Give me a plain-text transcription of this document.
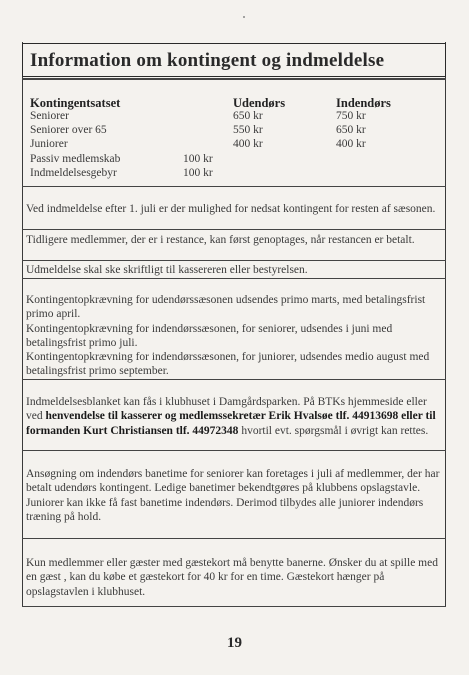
Information om kontingent og indmeldelse
Kontingentsatset	Udendørs	Indendørs
Seniorer	650 kr	750 kr
Seniorer over 65	550 kr	650 kr
Juniorer	400 kr	400 kr
Passiv medlemskab	100 kr
Indmeldelsesgebyr	100 kr

Ved indmeldelse efter 1. juli er der mulighed for nedsat kontingent for resten af sæsonen.

Tidligere medlemmer, der er i restance, kan først genoptages, når restancen er betalt.

Udmeldelse skal ske skriftligt til kassereren eller bestyrelsen.

Kontingentopkrævning for udendørssæsonen udsendes primo marts, med betalingsfrist primo april.

Kontingentopkrævning for indendørssæsonen, for seniorer, udsendes i juni med betalingsfrist primo juli.

Kontingentopkrævning for indendørssæsonen, for juniorer, udsendes medio august med betalingsfrist primo september.

Indmeldelsesblanket kan fås i klubhuset i Damgårdsparken. På BTKs hjemmeside eller ved henvendelse til kasserer og medlemssekretær Erik Hvalsøe tlf. 44913698 eller til formanden Kurt Christiansen tlf. 44972348 hvortil evt. spørgsmål i øvrigt kan rettes.

Ansøgning om indendørs banetime for seniorer kan foretages i juli af medlemmer, der har betalt udendørs kontingent. Ledige banetimer bekendtgøres på klubbens opslagstavle.

Juniorer kan ikke få fast banetime indendørs. Derimod tilbydes alle juniorer indendørs træning på hold.

Kun medlemmer eller gæster med gæstekort må benytte banerne. Ønsker du at spille med en gæst , kan du købe et gæstekort for 40 kr for en time. Gæstekort hænger på opslagstavlen i klubhuset.

19
